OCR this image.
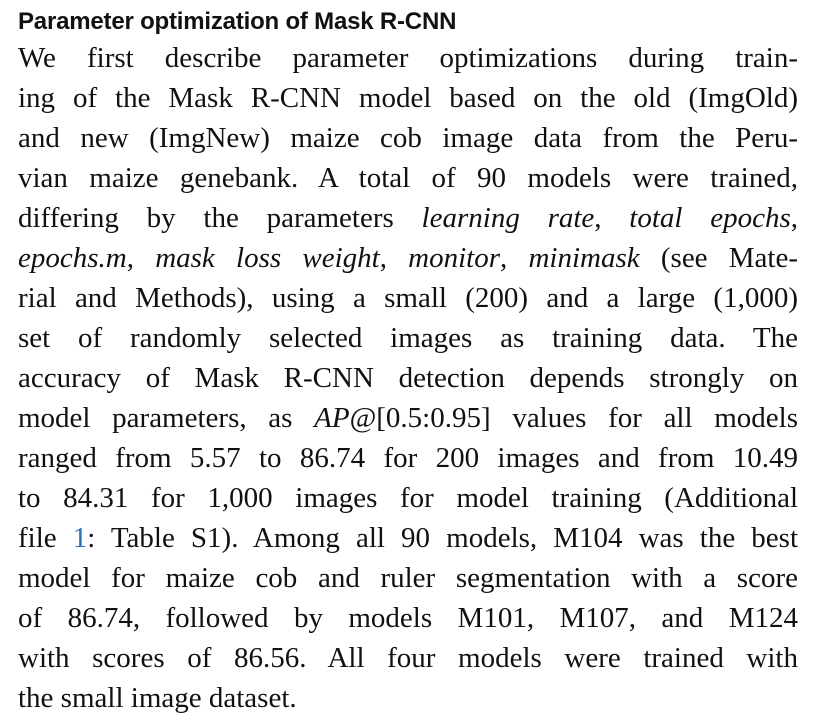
Parameter optimization of Mask R-CNN
We first describe parameter optimizations during train-
ing of the Mask R-CNN model based on the old (ImgOld)
and new (ImgNew) maize cob image data from the Peru-
vian maize genebank. A total of 90 models were trained,
differing by the parameters learning rate, total epochs,
epochs.m, mask loss weight, monitor, minimask (see Mate-
rial and Methods), using a small (200) and a large (1,000)
set of randomly selected images as training data. The
accuracy of Mask R-CNN detection depends strongly on
model parameters, as AP@[0.5:0.95] values for all models
ranged from 5.57 to 86.74 for 200 images and from 10.49
to 84.31 for 1,000 images for model training (Additional
file 1: Table S1). Among all 90 models, M104 was the best
model for maize cob and ruler segmentation with a score
of 86.74, followed by models M101, M107, and M124
with scores of 86.56. All four models were trained with
the small image dataset.
